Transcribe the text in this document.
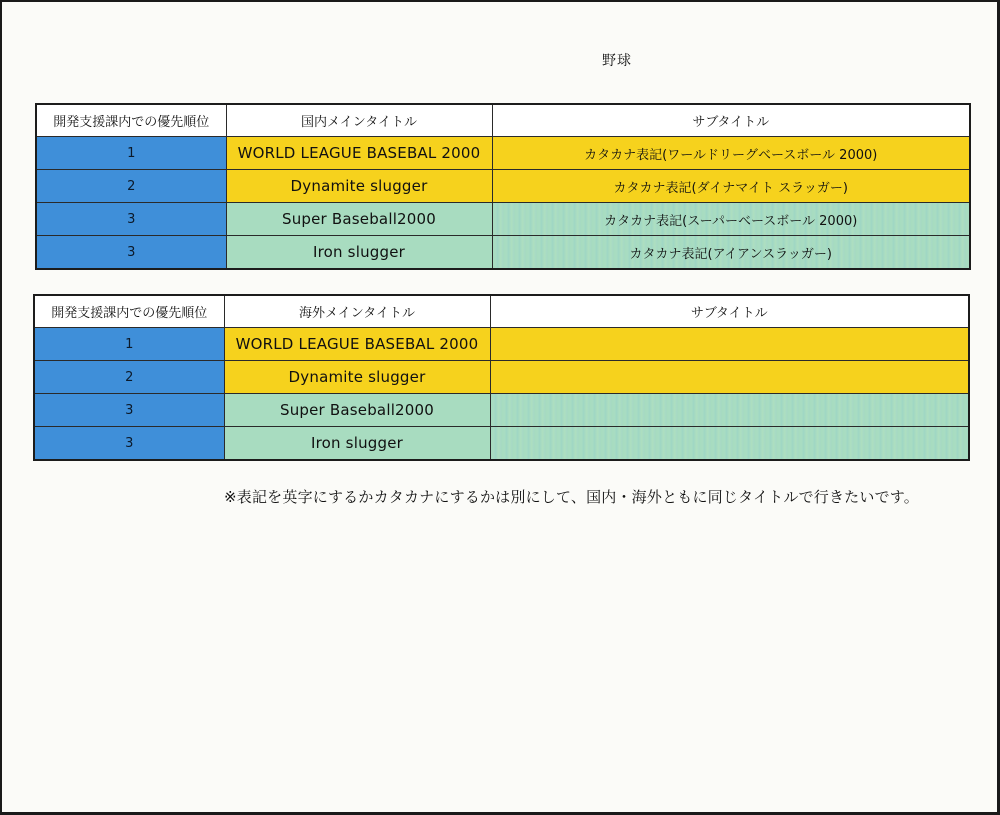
野球
開発支援課内での優先順位	国内メインタイトル	サブタイトル
1	WORLD LEAGUE BASEBAL 2000	カタカナ表記(ワールドリーグベースボール 2000)
2	Dynamite slugger	カタカナ表記(ダイナマイト スラッガー)
3	Super Baseball2000	カタカナ表記(スーパーベースボール 2000)
3	Iron slugger	カタカナ表記(アイアンスラッガー)
開発支援課内での優先順位	海外メインタイトル	サブタイトル
1	WORLD LEAGUE BASEBAL 2000	
2	Dynamite slugger	
3	Super Baseball2000	
3	Iron slugger	
※表記を英字にするかカタカナにするかは別にして、国内・海外ともに同じタイトルで行きたいです。
